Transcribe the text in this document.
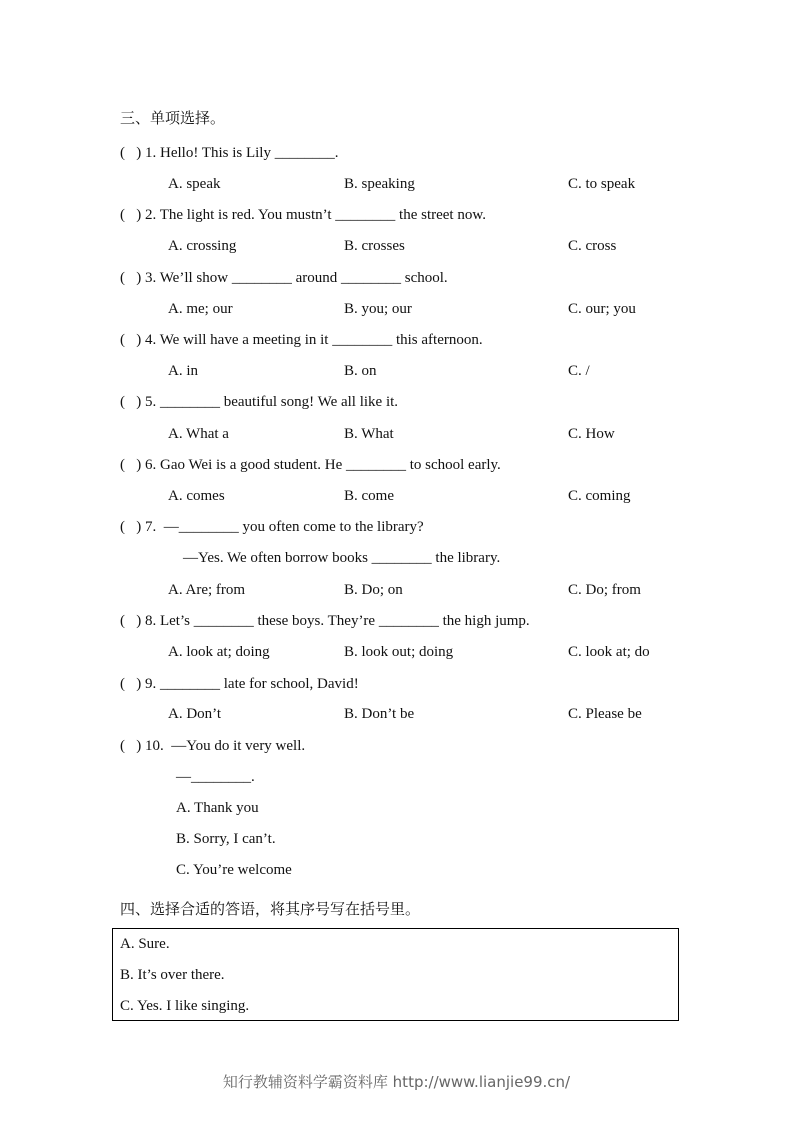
三、单项选择。
(   ) 1. Hello! This is Lily ________.
A. speak	B. speaking	C. to speak
(   ) 2. The light is red. You mustn’t ________ the street now.
A. crossing	B. crosses	C. cross
(   ) 3. We’ll show ________ around ________ school.
A. me; our	B. you; our	C. our; you
(   ) 4. We will have a meeting in it ________ this afternoon.
A. in	B. on	C. /
(   ) 5. ________ beautiful song! We all like it.
A. What a	B. What	C. How
(   ) 6. Gao Wei is a good student. He ________ to school early.
A. comes	B. come	C. coming
(   ) 7.  —________ you often come to the library?
—Yes. We often borrow books ________ the library.
A. Are; from	B. Do; on	C. Do; from
(   ) 8. Let’s ________ these boys. They’re ________ the high jump.
A. look at; doing	B. look out; doing	C. look at; do
(   ) 9. ________ late for school, David!
A. Don’t	B. Don’t be	C. Please be
(   ) 10.  —You do it very well.
—________.
A. Thank you
B. Sorry, I can’t.
C. You’re welcome
四、选择合适的答语，将其序号写在括号里。
A. Sure.
B. It’s over there.
C. Yes. I like singing.
知行教辅资料学霸资料库 http://www.lianjie99.cn/
